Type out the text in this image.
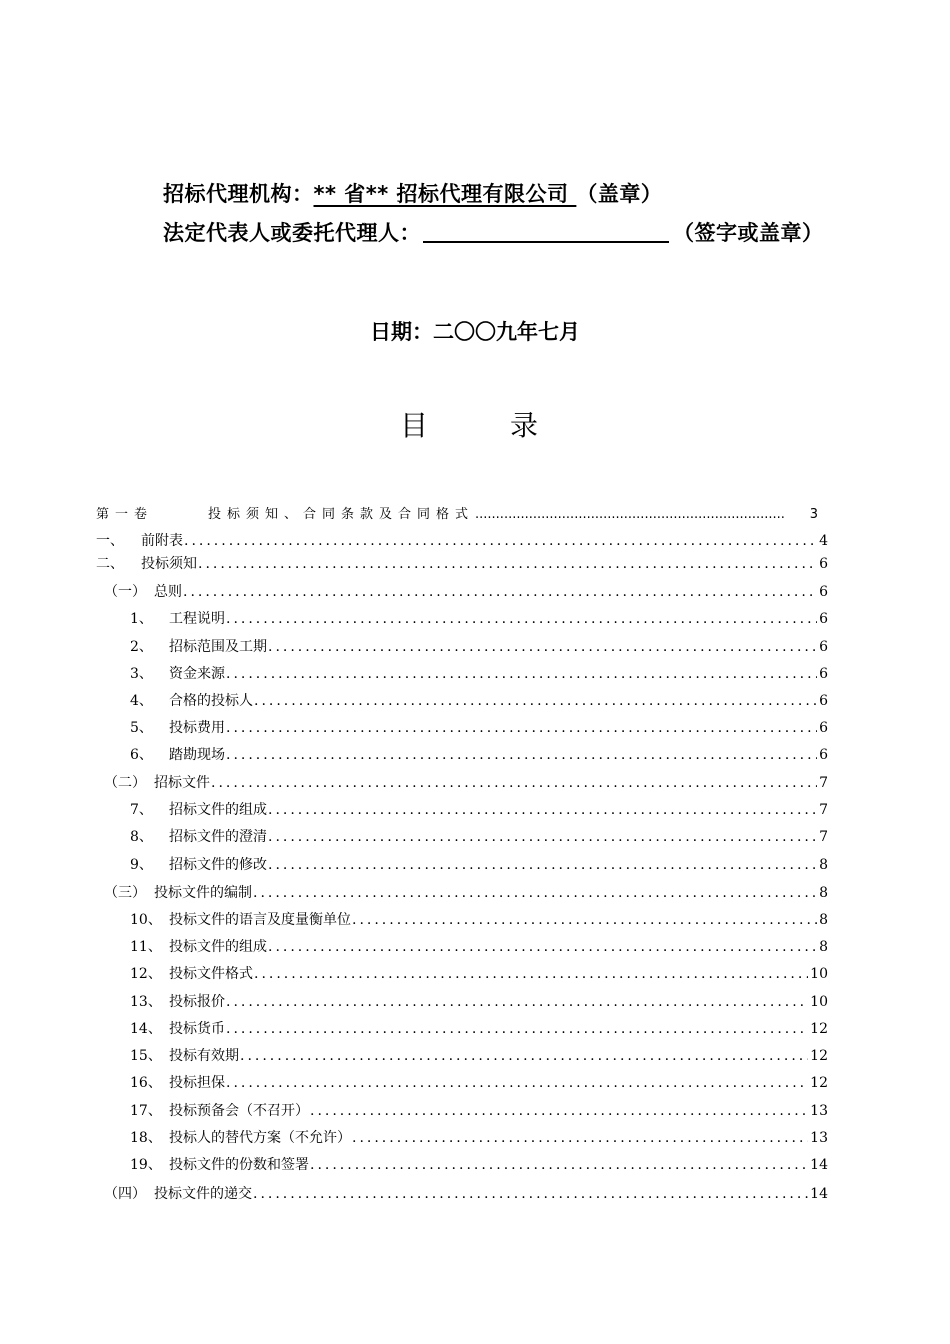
招标代理机构：** 省** 招标代理有限公司 （盖章）
法定代表人或委托代理人：	（签字或盖章）
日期：二〇〇九年七月
目	录
第一卷	投标须知、合同条款及合同格式 .....	3
一、	前附表 .....	4
二、	投标须知 .....	6
（一） 总则 .....	6
1、	工程说明 .....	6
2、	招标范围及工期 .....	6
3、	资金来源 .....	6
4、	合格的投标人 .....	6
5、	投标费用 .....	6
6、	踏勘现场 .....	6
（二） 招标文件 .....	7
7、	招标文件的组成 .....	7
8、	招标文件的澄清 .....	7
9、	招标文件的修改 .....	8
（三） 投标文件的编制 .....	8
10、 投标文件的语言及度量衡单位 .....	8
11、 投标文件的组成 .....	8
12、 投标文件格式 .....	10
13、 投标报价 .....	10
14、 投标货币 .....	12
15、 投标有效期 .....	12
16、 投标担保 .....	12
17、 投标预备会（不召开） .....	13
18、 投标人的替代方案（不允许） .....	13
19、 投标文件的份数和签署 .....	14
（四） 投标文件的递交 .....	14
